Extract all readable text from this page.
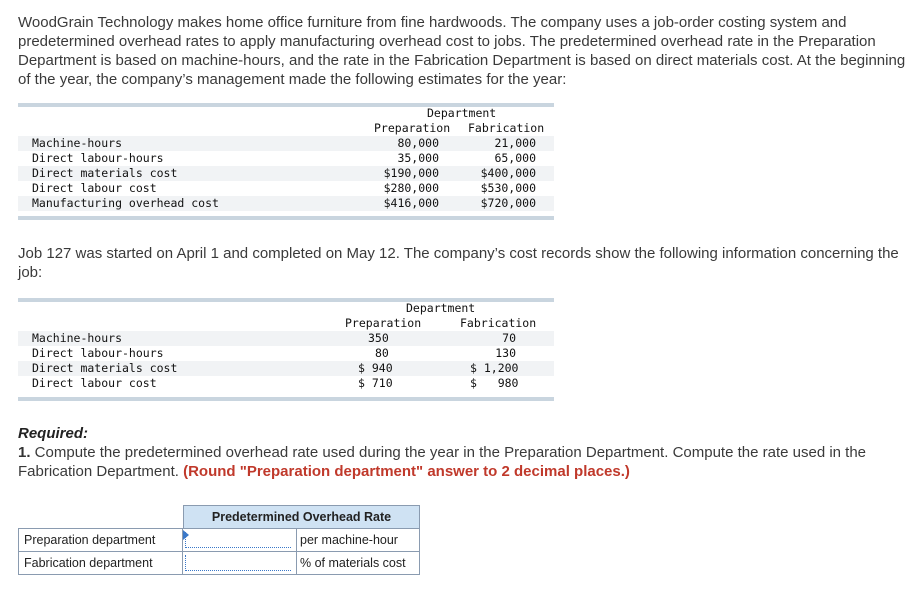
WoodGrain Technology makes home office furniture from fine hardwoods. The company uses a job-order costing system and predetermined overhead rates to apply manufacturing overhead cost to jobs. The predetermined overhead rate in the Preparation Department is based on machine-hours, and the rate in the Fabrication Department is based on direct materials cost. At the beginning of the year, the company’s management made the following estimates for the year:
Department
Preparation Fabrication
Machine-hours	80,000	21,000
Direct labour-hours	35,000	65,000
Direct materials cost	$190,000	$400,000
Direct labour cost	$280,000	$530,000
Manufacturing overhead cost	$416,000	$720,000
Job 127 was started on April 1 and completed on May 12. The company’s cost records show the following information concerning the job:
Department
Preparation	Fabrication
Machine-hours	350	70
Direct labour-hours	80	130
Direct materials cost	$ 940	$ 1,200
Direct labour cost	$ 710	$   980
Required:
1. Compute the predetermined overhead rate used during the year in the Preparation Department. Compute the rate used in the Fabrication Department. (Round "Preparation department" answer to 2 decimal places.)
Predetermined Overhead Rate
Preparation department	per machine-hour
Fabrication department	% of materials cost
